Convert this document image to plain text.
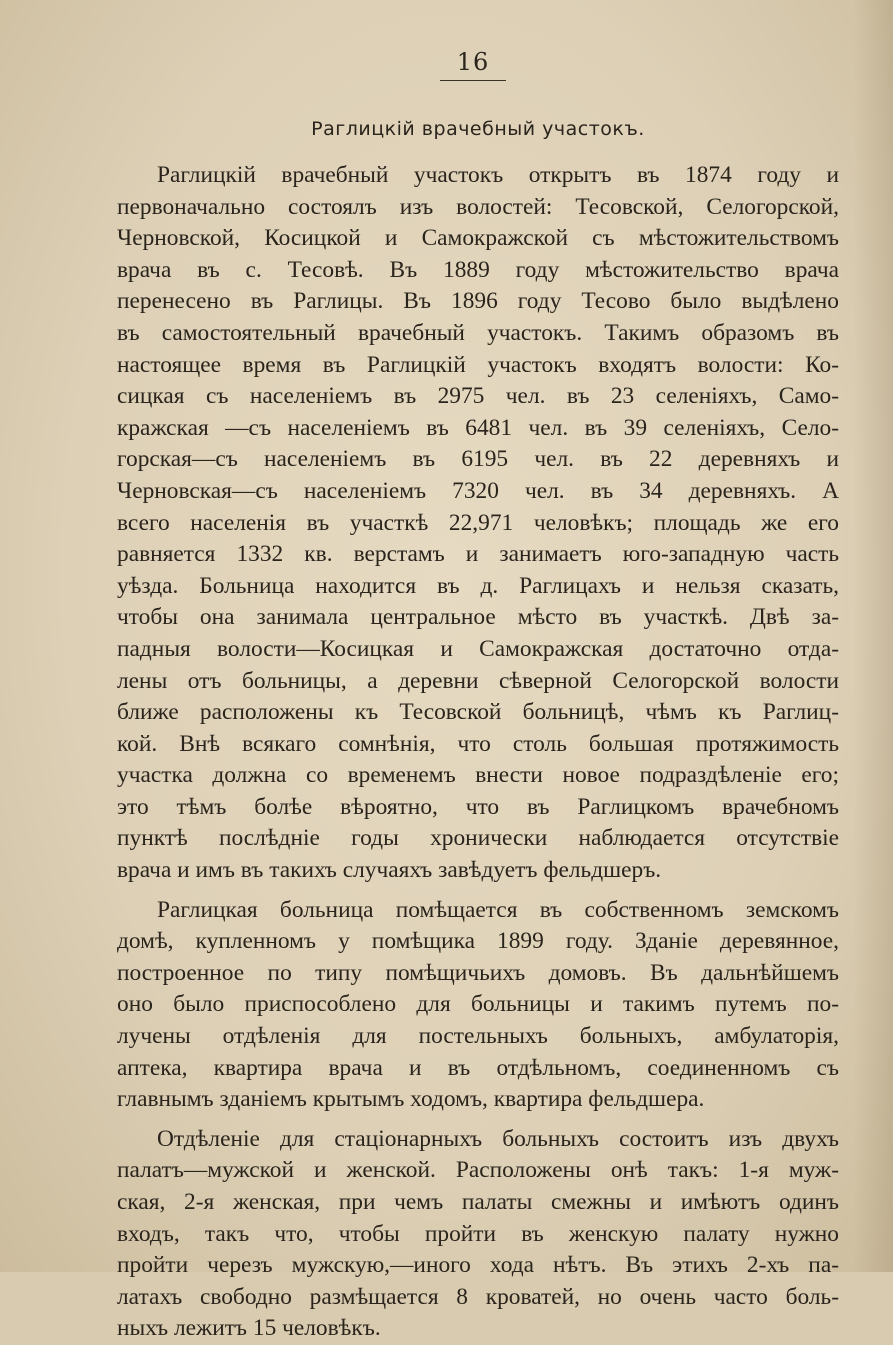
16
Раглицкій врачебный участокъ.
Раглицкій врачебный участокъ открытъ въ 1874 году и
первоначально состоялъ изъ волостей: Тесовской, Селогорской,
Черновской, Косицкой и Самокражской съ мѣстожительствомъ
врача въ с. Тесовѣ. Въ 1889 году мѣстожительство врача
перенесено въ Раглицы. Въ 1896 году Тесово было выдѣлено
въ самостоятельный врачебный участокъ. Такимъ образомъ въ
настоящее время въ Раглицкій участокъ входятъ волости: Ко-
сицкая съ населеніемъ въ 2975 чел. въ 23 селеніяхъ, Само-
кражская —съ населеніемъ въ 6481 чел. въ 39 селеніяхъ, Село-
горская—съ населеніемъ въ 6195 чел. въ 22 деревняхъ и
Черновская—съ населеніемъ 7320 чел. въ 34 деревняхъ. А
всего населенія въ участкѣ 22,971 человѣкъ; площадь же его
равняется 1332 кв. верстамъ и занимаетъ юго-западную часть
уѣзда. Больница находится въ д. Раглицахъ и нельзя сказать,
чтобы она занимала центральное мѣсто въ участкѣ. Двѣ за-
падныя волости—Косицкая и Самокражская достаточно отда-
лены отъ больницы, а деревни сѣверной Селогорской волости
ближе расположены къ Тесовской больницѣ, чѣмъ къ Раглиц-
кой. Внѣ всякаго сомнѣнія, что столь большая протяжимость
участка должна со временемъ внести новое подраздѣленіе его;
это тѣмъ болѣе вѣроятно, что въ Раглицкомъ врачебномъ
пунктѣ послѣдніе годы хронически наблюдается отсутствіе
врача и имъ въ такихъ случаяхъ завѣдуетъ фельдшеръ.
Раглицкая больница помѣщается въ собственномъ земскомъ
домѣ, купленномъ у помѣщика 1899 году. Зданіе деревянное,
построенное по типу помѣщичьихъ домовъ. Въ дальнѣйшемъ
оно было приспособлено для больницы и такимъ путемъ по-
лучены отдѣленія для постельныхъ больныхъ, амбулаторія,
аптека, квартира врача и въ отдѣльномъ, соединенномъ съ
главнымъ зданіемъ крытымъ ходомъ, квартира фельдшера.
Отдѣленіе для стаціонарныхъ больныхъ состоитъ изъ двухъ
палатъ—мужской и женской. Расположены онѣ такъ: 1-я муж-
ская, 2-я женская, при чемъ палаты смежны и имѣютъ одинъ
входъ, такъ что, чтобы пройти въ женскую палату нужно
пройти черезъ мужскую,—иного хода нѣтъ. Въ этихъ 2-хъ па-
латахъ свободно размѣщается 8 кроватей, но очень часто боль-
ныхъ лежитъ 15 человѣкъ.
